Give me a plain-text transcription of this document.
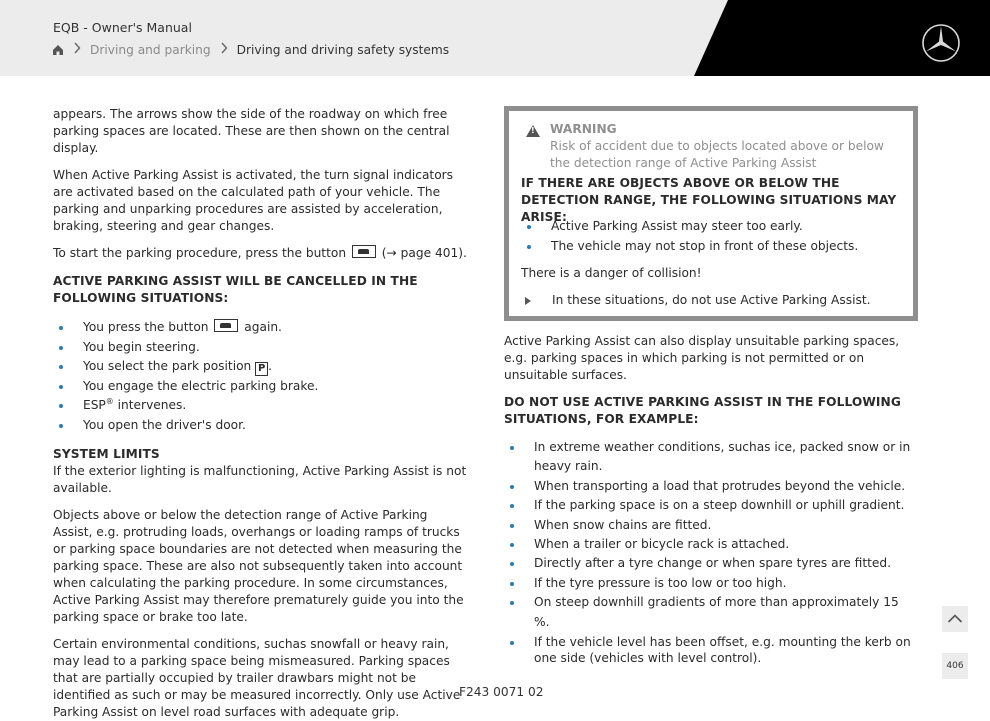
EQB - Owner's Manual
Driving and parking Driving and driving safety systems

appears. The arrows show the side of the roadway on which free parking spaces are located. These are then shown on the central display.

When Active Parking Assist is activated, the turn signal indicators are activated based on the calculated path of your vehicle. The parking and unparking procedures are assisted by acceleration, braking, steering and gear changes.

To start the parking procedure, press the button	(→ page 401).

ACTIVE PARKING ASSIST WILL BE CANCELLED IN THE FOLLOWING SITUATIONS:

You press the button	again.
You begin steering.
You select the park position P .
You engage the electric parking brake.
ESP® intervenes.
You open the driver's door.

SYSTEM LIMITS

If the exterior lighting is malfunctioning, Active Parking Assist is not available.

Objects above or below the detection range of Active Parking Assist, e.g. protruding loads, overhangs or loading ramps of trucks or parking space boundaries are not detected when measuring the parking space. These are also not subsequently taken into account when calculating the parking procedure. In some circumstances, Active Parking Assist may therefore prematurely guide you into the parking space or brake too late.

Certain environmental conditions, suchas snowfall or heavy rain, may lead to a parking space being mismeasured. Parking spaces that are partially occupied by trailer drawbars might not be identified as such or may be measured incorrectly. Only use Active Parking Assist on level road surfaces with adequate grip.

!
WARNING
Risk of accident due to objects located above or below the detection range of Active Parking Assist
IF THERE ARE OBJECTS ABOVE OR BELOW THE DETECTION RANGE, THE FOLLOWING SITUATIONS MAY ARISE:
Active Parking Assist may steer too early.
The vehicle may not stop in front of these objects.
There is a danger of collision!
In these situations, do not use Active Parking Assist.

Active Parking Assist can also display unsuitable parking spaces, e.g. parking spaces in which parking is not permitted or on unsuitable surfaces.

DO NOT USE ACTIVE PARKING ASSIST IN THE FOLLOWING SITUATIONS, FOR EXAMPLE:

In extreme weather conditions, suchas ice, packed snow or in heavy rain.
When transporting a load that protrudes beyond the vehicle.
If the parking space is on a steep downhill or uphill gradient.
When snow chains are fitted.
When a trailer or bicycle rack is attached.
Directly after a tyre change or when spare tyres are fitted.
If the tyre pressure is too low or too high.
On steep downhill gradients of more than approximately 15 %.
If the vehicle level has been offset, e.g. mounting the kerb on one side (vehicles with level control).
406
F243 0071 02
